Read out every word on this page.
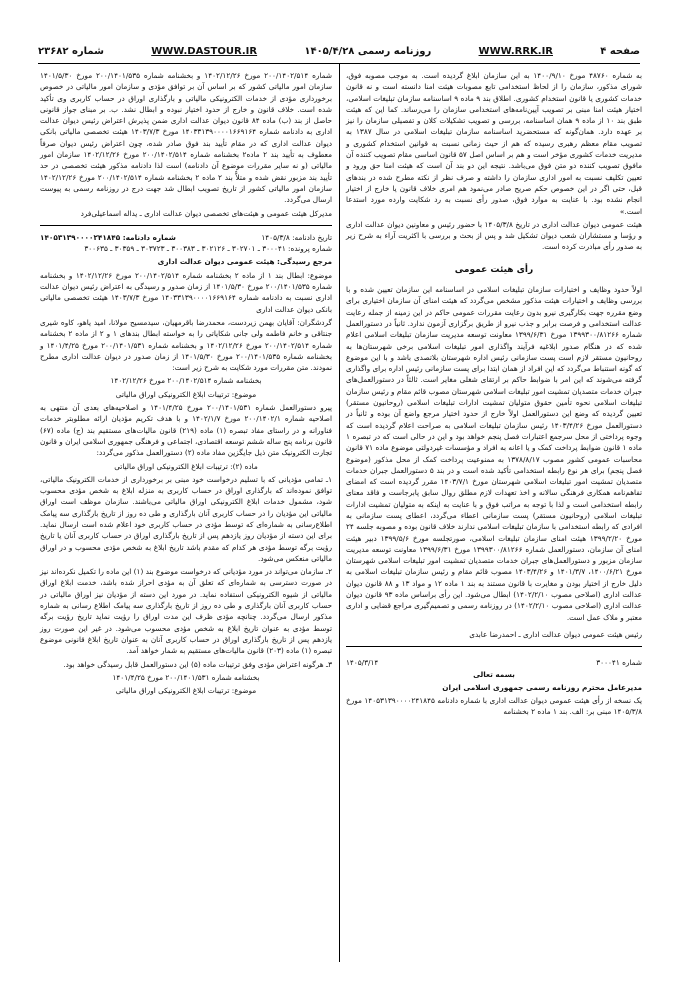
شماره ۲۳۶۸۲	WWW.DASTOUR.IR	روزنامه رسمی ۱۴۰۵/۴/۲۸	WWW.RRK.IR	صفحه ۴

به شماره ۴۸۷۶۰ مورخ ۱۴۰۰/۹/۱۰ به این سازمان ابلاغ گردیده است. به موجب مصوبه فوق، شورای مذکور، سازمان را از لحاظ استخدامی تابع مصوبات هیئت امنا دانسته است و نه قانون خدمات کشوری یا قانون استخدام کشوری. اطلاق بند ۹ ماده ۹ اساسنامه سازمان تبلیغات اسلامی، اختیار هیئت امنا مبنی بر تصویب آیین‌نامه‌های استخدامی سازمان را می‌رساند. کما این که هیئت طبق بند ۱۰ از ماده ۹ همان اساسنامه، بررسی و تصویب تشکیلات کلان و تفصیلی سازمان را نیز بر عهده دارد. همان‌گونه که مستحضرید اساسنامه سازمان تبلیغات اسلامی در سال ۱۳۸۷ به تصویب مقام معظم رهبری رسیده که هم از حیث زمانی نسبت به قوانین استخدام کشوری و مدیریت خدمات کشوری مؤخر است و هم بر اساس اصل ۵۷ قانون اساسی مقام تصویب کننده آن مافوق تصویب کننده دو متن فوق می‌باشد. نتیجه این دو بند آن است که هیئت امنا حق ورود و تعیین تکلیف نسبت به امور اداری سازمان را داشته و صرف نظر از نکته مطرح شده در بندهای قبل، حتی اگر در این خصوص حکم صریح صادر می‌نمود هم امری خلاف قانون یا خارج از اختیار انجام نشده بود. با عنایت به موارد فوق، صدور رأی نسبت به رد شکایت وارده مورد استدعا است.»

هیئت عمومی دیوان عدالت اداری در تاریخ ۱۴۰۵/۳/۸ با حضور رئیس و معاونین دیوان عدالت اداری و رؤسا و مستشاران شعب دیوان تشکیل شد و پس از بحث و بررسی با اکثریت آراء به شرح زیر به صدور رأی مبادرت کرده است.

رأی هیئت عمومی

اولاً حدود وظایف و اختیارات سازمان تبلیغات اسلامی در اساسنامه این سازمان تعیین شده و با بررسی وظایف و اختیارات هیئت مذکور مشخص می‌گردد که هیئت امنای آن سازمان اختیاری برای وضع مقرره جهت بکارگیری نیرو بدون رعایت مقررات عمومی حاکم در این زمینه از جمله رعایت عدالت استخدامی و فرصت برابر و جذب نیرو از طریق برگزاری آزمون ندارد. ثانیاً در دستورالعمل شماره ۱۳۹۹۳۰۰/۸۱۲۶۶ مورخ ۱۳۹۹/۶/۳۱ معاونت توسعه مدیریت سازمان تبلیغات اسلامی اعلام شده که در هنگام صدور ابلاغیه فرآیند واگذاری امور تبلیغات اسلامی برخی شهرستان‌ها به روحانیون مستقر لازم است پست سازمانی رئیس اداره شهرستان بلاتصدی باشد و با این موضوع که گونه استنباط می‌گردد که این افراد از همان ابتدا برای پست سازمانی رئیس اداره برای واگذاری گرفته می‌شوند که این امر با ضوابط حاکم بر ارتقای شغلی مغایر است. ثالثاً در دستورالعمل‌های جبران خدمات متصدیان تمشیت امور تبلیغات اسلامی شهرستان مصوب قائم مقام و رئیس سازمان تبلیغات اسلامی نحوه تأمین حقوق متولیان تمشیت ادارات تبلیغات اسلامی (روحانیون مستقر) تعیین گردیده که وضع این دستورالعمل اولاً خارج از حدود اختیار مرجع واضع آن بوده و ثانیاً در دستورالعمل مورخ ۱۴۰۳/۴/۲۶ رئیس سازمان تبلیغات اسلامی به صراحت اعلام گردیده است که وجوه پرداختی از محل سرجمع اعتبارات فصل پنجم خواهد بود و این در حالی است که در تبصره ۱ ماده ۱ قانون ضوابط پرداخت کمک و یا اعانه به افراد و مؤسسات غیردولتی موضوع ماده ۷۱ قانون محاسبات عمومی کشور مصوب ۱۳۷۸/۸/۱۷ به ممنوعیت پرداخت کمک از محل مذکور (موضوع فصل پنجم) برای هر نوع رابطه استخدامی تأکید شده است و در بند ۵ دستورالعمل جبران خدمات متصدیان تمشیت امور تبلیغات اسلامی شهرستان مورخ ۱۴۰۳/۷/۱ مقرر گردیده است که امضای تفاهم‌نامه همکاری فرهنگی سالانه و اخذ تعهدات لازم مطلق روال سابق پابرجاست و فاقد معنای رابطه استخدامی است و لذا با توجه به مراتب فوق و با عنایت به اینکه به متولیان تمشیت ادارات تبلیغات اسلامی (روحانیون مستقر) پست سازمانی اعطاء می‌گردد، اعطای پست سازمانی به افرادی که رابطه استخدامی با سازمان تبلیغات اسلامی ندارند خلاف قانون بوده و مصوبه جلسه ۲۴ مورخ ۱۳۹۹/۲/۲۰ هیئت امنای سازمان تبلیغات اسلامی، صورتجلسه مورخ ۱۳۹۹/۵/۶ دبیر هیئت امنای آن سازمان، دستورالعمل شماره ۱۳۹۹۳۰۰/۸۱۲۶۶ مورخ ۱۳۹۹/۶/۳۱ معاونت توسعه مدیریت سازمان مزبور و دستورالعمل‌های جبران خدمات متصدیان تمشیت امور تبلیغات اسلامی شهرستان مورخ ۱۴۰۰/۶/۲۱، ۱۴۰۱/۳/۷ و ۱۴۰۳/۴/۲۶ مصوب قائم مقام و رئیس سازمان تبلیغات اسلامی به دلیل خارج از اختیار بودن و مغایرت با قانون مستند به بند ۱ ماده ۱۲ و مواد ۱۳ و ۸۸ قانون دیوان عدالت اداری (اصلاحی مصوب ۱۴۰۲/۲/۱۰) ابطال می‌شود. این رأی براساس ماده ۹۳ قانون دیوان عدالت اداری (اصلاحی مصوب ۱۴۰۲/۲/۱۰) در روزنامه رسمی و تصمیم‌گیری مراجع قضایی و اداری معتبر و ملاک عمل است.

رئیس هیئت عمومی دیوان عدالت اداری ـ احمدرضا عابدی

شماره ۳۰۰۰۴۱
۱۴۰۵/۳/۱۴

بسمه تعالی

مدیرعامل محترم روزنامه رسمی جمهوری اسلامی ایران

یک نسخه از رأی هیئت عمومی دیوان عدالت اداری با شماره دادنامه ۱۴۰۵۳۱۳۹۰۰۰۰۲۴۱۸۴۵ مورخ ۱۴۰۵/۳/۸ مبنی بر: الف. بند ۱ ماده ۲ بخشنامه

شماره ۲۰۰/۱۴۰۲/۵۱۴ مورخ ۱۴۰۲/۱۲/۲۶ و بخشنامه شماره ۲۰۰/۱۴۰۱/۵۳۵ مورخ ۱۴۰۱/۵/۳۰ سازمان امور مالیاتی کشور که بر اساس آن بر توافق مؤدی و سازمان امور مالیاتی در خصوص برخورداری مؤدی از خدمات الکترونیکی مالیاتی و بارگذاری اوراق در حساب کاربری وی تأکید شده است. خلاف قانون و خارج از حدود اختیار نبوده و ابطال نشد. ب. بر مبنای جواز قانونی حاصل از بند (ب) ماده ۸۴ قانون دیوان عدالت اداری ضمن پذیرش اعتراض رئیس دیوان عدالت اداری به دادنامه شماره ۱۴۰۳۳۱۳۹۰۰۰۰۱۶۶۹۱۶۴ مورخ ۱۴۰۳/۷/۳ هیئت تخصصی مالیاتی بانکی دیوان عدالت اداری که در مقام تأیید بند فوق صادر شده، چون اعتراض رئیس دیوان صرفاً معطوف به تأیید بند ۲ ماده۲ بخشنامه شماره ۲۰۰/۱۴۰۲/۵۱۴ مورخ ۱۴۰۲/۱۲/۲۶ سازمان امور مالیاتی (و نه سایر مقررات موضوع آن دادنامه) است لذا دادنامه مذکور هیئت تخصصی در حد تأیید بند مزبور نقض شده و متلاًّ بند ۲ ماده ۲ بخشنامه شماره ۲۰۰/۱۴۰۲/۵۱۴ مورخ ۱۴۰۲/۱۲/۲۶ سازمان امور مالیاتی کشور از تاریخ تصویب ابطال شد جهت درج در روزنامه رسمی به پیوست ارسال می‌گردد.

مدیرکل هیئت عمومی و هیئت‌های تخصصی دیوان عدالت اداری ـ یداله اسماعیلی‌فرد

تاریخ دادنامه: ۱۴۰۵/۳/۸
شماره دادنامه: ۱۴۰۵۳۱۳۹۰۰۰۰۲۴۱۸۴۵

شماره پرونده: ۳۰۰۰۴۱ ـ ۳۰۲۷۰۱ ـ ۳۰۲۱۲۶ ـ ۳۰۰۳۸۳ ـ ۳۰۳۷۲۳ ـ ۳۰۳۵۹ ـ ۳۰۰۶۳۵

مرجع رسیدگی: هیئت عمومی دیوان عدالت اداری

موضوع: ابطال بند ۱ از ماده ۲ بخشنامه شماره ۲۰۰/۱۴۰۲/۵۱۴ مورخ ۱۴۰۲/۱۲/۲۶ و بخشنامه شماره ۲۰۰/۱۴۰۱/۵۳۵ مورخ ۱۴۰۱/۵/۳۰ از زمان صدور و رسیدگی به اعتراض رئیس دیوان عدالت اداری نسبت به دادنامه شماره ۱۴۰۳۳۱۳۹۰۰۰۰۱۶۶۹۱۶۴ مورخ ۱۴۰۳/۷/۳ هیئت تخصصی مالیاتی بانکی دیوان عدالت اداری

گردشگران: آقایان بهمن زیردست، محمدرضا باقرمهیان، سیدمسیح مولانا، امید یاهو، کاوه شیری جنتاقی و خانم فاطمه ولی جانی شکایاتی را به خواسته ابطال بندهای ۱ و ۲ از ماده ۲ بخشنامه شماره ۲۰۰/۱۴۰۲/۵۱۴ مورخ ۱۴۰۲/۱۲/۲۶ و بخشنامه شماره ۲۰۰/۱۴۰۱/۵۳۱ مورخ ۱۴۰۱/۴/۲۵ و بخشنامه شماره ۲۰۰/۱۴۰۱/۵۳۵ مورخ ۱۴۰۱/۵/۳۰ از زمان صدور در دیوان عدالت اداری مطرح نمودند. متن مقررات مورد شکایت به شرح زیر است:

بخشنامه شماره ۲۰۰/۱۴۰۲/۵۱۴ مورخ ۱۴۰۲/۱۲/۲۶

موضوع: ترتیبات ابلاغ الکترونیکی اوراق مالیاتی

پیرو دستورالعمل شماره ۲۰۰/۱۴۰۱/۵۳۱ مورخ ۱۴۰۱/۴/۲۵ و اصلاحیه‌های بعدی آن منتهی به اصلاحیه شماره ۲۰۰/۱۴۰۲/۱ مورخ ۱۴۰۲/۱/۷ و با هدف تکریم مؤدیان ارائه مطلوبتر خدمات فناورانه و در راستای مفاد تبصره (۱) ماده (۲۱۹) قانون مالیات‌های مستقیم بند (ج) ماده (۶۷) قانون برنامه پنج ساله ششم توسعه اقتصادی، اجتماعی و فرهنگی جمهوری اسلامی ایران و قانون تجارت الکترونیک متن ذیل جایگزین مفاد ماده (۲) دستورالعمل مذکور می‌گردد:

ماده (۲): ترتیبات ابلاغ الکترونیکی اوراق مالیاتی

۱ـ تمامی مؤدیانی که با تسلیم درخواست خود مبنی بر برخورداری از خدمات الکترونیک مالیاتی، توافق نموده‌اند که بارگذاری اوراق در حساب کاربری به منزله ابلاغ به شخص مؤدی محسوب شود، مشمول خدمات ابلاغ الکترونیکی اوراق مالیاتی می‌باشند. سازمان موظف است اوراق مالیاتی این مؤدیان را در حساب کاربری آنان بارگذاری و طی ده روز از تاریخ بارگذاری سه پیامک اطلاع‌رسانی به شماره‌ای که توسط مؤدی در حساب کاربری خود اعلام شده است ارسال نماید. برای این دسته از مؤدیان روز یازدهم پس از تاریخ بارگذاری اوراق در حساب کاربری آنان یا تاریخ رؤیت برگه توسط مؤدی هر کدام که مقدم باشد تاریخ ابلاغ به شخص مؤدی محسوب و در اوراق مالیاتی منعکس می‌شود.

۲ـ سازمان می‌تواند در مورد مؤدیانی که درخواست موضوع بند (۱) این ماده را تکمیل نکرده‌اند نیز در صورت دسترسی به شماره‌ای که تعلق آن به مؤدی احراز شده باشد، خدمت ابلاغ اوراق مالیاتی از شیوه الکترونیکی استفاده نماید. در مورد این دسته از مؤدیان نیز اوراق مالیاتی در حساب کاربری آنان بارگذاری و طی ده روز از تاریخ بارگذاری سه پیامک اطلاع رسانی به شماره مذکور ارسال می‌گردد. چنانچه مؤدی ظرف این مدت اوراق را رؤیت نماید تاریخ رؤیت برگه توسط مؤدی به عنوان تاریخ ابلاغ به شخص مؤدی محسوب می‌شود. در غیر این صورت روز یازدهم پس از تاریخ بارگذاری اوراق در حساب کاربری آنان به عنوان تاریخ ابلاغ قانونی موضوع تبصره (۱) ماده (۲۰۳) قانون مالیات‌های مستقیم به شمار خواهد آمد.

۳ـ هرگونه اعتراض مؤدی وفق ترتیبات ماده (۵) این دستورالعمل قابل رسیدگی خواهد بود.

بخشنامه شماره ۲۰۰/۱۴۰۱/۵۳۱ مورخ ۱۴۰۱/۴/۲۵

موضوع: ترتیبات ابلاغ الکترونیکی اوراق مالیاتی
